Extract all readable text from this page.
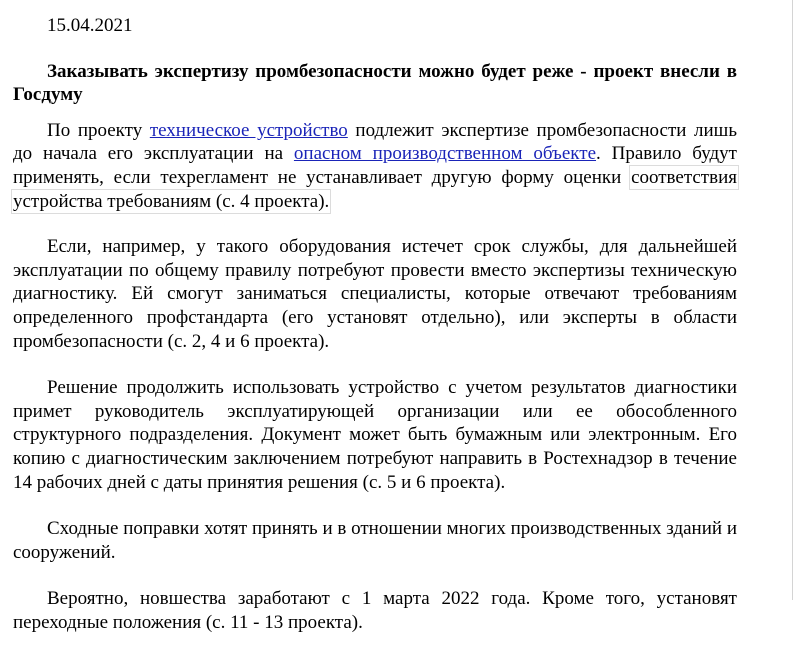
15.04.2021
Заказывать экспертизу промбезопасности можно будет реже - проект внесли в Госдуму

По проекту техническое устройство подлежит экспертизе промбезопасности лишь до начала его эксплуатации на опасном производственном объекте. Правило будут применять, если техрегламент не устанавливает другую форму оценки соответствия устройства требованиям (с. 4 проекта).

Если, например, у такого оборудования истечет срок службы, для дальнейшей эксплуатации по общему правилу потребуют провести вместо экспертизы техническую диагностику. Ей смогут заниматься специалисты, которые отвечают требованиям определенного профстандарта (его установят отдельно), или эксперты в области промбезопасности (с. 2, 4 и 6 проекта).

Решение продолжить использовать устройство с учетом результатов диагностики примет руководитель эксплуатирующей организации или ее обособленного структурного подразделения. Документ может быть бумажным или электронным. Его копию с диагностическим заключением потребуют направить в Ростехнадзор в течение 14 рабочих дней с даты принятия решения (с. 5 и 6 проекта).

Сходные поправки хотят принять и в отношении многих производственных зданий и сооружений.

Вероятно, новшества заработают с 1 марта 2022 года. Кроме того, установят переходные положения (с. 11 - 13 проекта).
